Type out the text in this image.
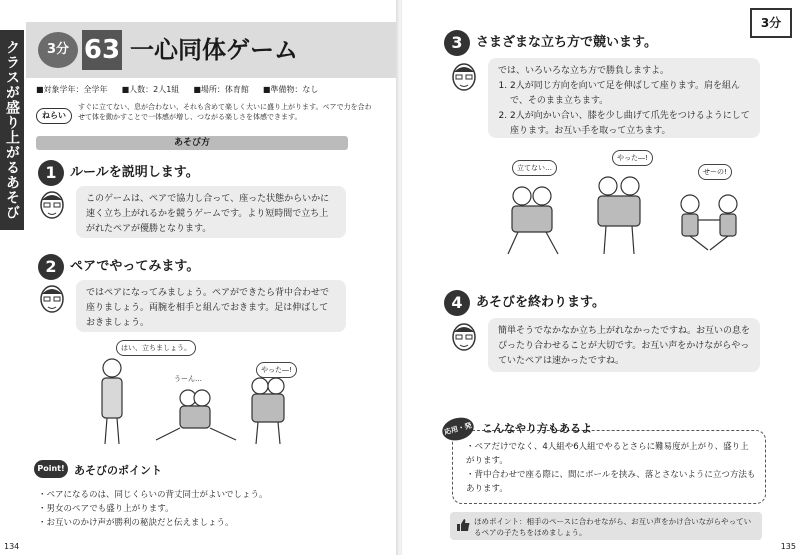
クラスが盛り上がるあそび	3分 63 一心同体ゲーム
■対象学年：全学年 ■人数：2人1組 ■場所：体育館 ■準備物：なし
ねらい
すぐに立てない、息が合わない、それも含めて楽しく大いに盛り上がります。ペアで力を合わせて体を動かすことで一体感が増し、つながる楽しさを体感できます。
あそび方
1	ルールを説明します。
このゲームは、ペアで協力し合って、座った状態からいかに速く立ち上がれるかを競うゲームです。より短時間で立ち上がれたペアが優勝となります。
2	ペアでやってみます。
ではペアになってみましょう。ペアができたら背中合わせで座りましょう。両腕を相手と組んでおきます。足は伸ばしておきましょう。
はい、立ちましょう。
うーん…
やった―!
Point! あそびのポイント
・ペアになるのは、同じくらいの背丈同士がよいでしょう。
・男女のペアでも盛り上がります。
・お互いのかけ声が勝利の秘訣だと伝えましょう。
134
3分
3	さまざまな立ち方で競います。
では、いろいろな立ち方で勝負しますよ。
1. 2人が同じ方向を向いて足を伸ばして座ります。肩を組んで、そのまま立ちます。
2. 2人が向かい合い、膝を少し曲げて爪先をつけるようにして座ります。お互い手を取って立ちます。
立てない…
やった―!
せーの!
4	あそびを終わります。
簡単そうでなかなか立ち上がれなかったですね。お互いの息をぴったり合わせることが大切です。お互い声をかけながらやっていたペアは速かったですね。
応用・発展
こんなやり方もあるよ
・ペアだけでなく、4人組や6人組でやるとさらに難易度が上がり、盛り上がります。
・背中合わせで座る際に、間にボールを挟み、落とさないように立つ方法もあります。
ほめポイント：相手のペースに合わせながら、お互い声をかけ合いながらやっているペアの子たちをほめましょう。
135
